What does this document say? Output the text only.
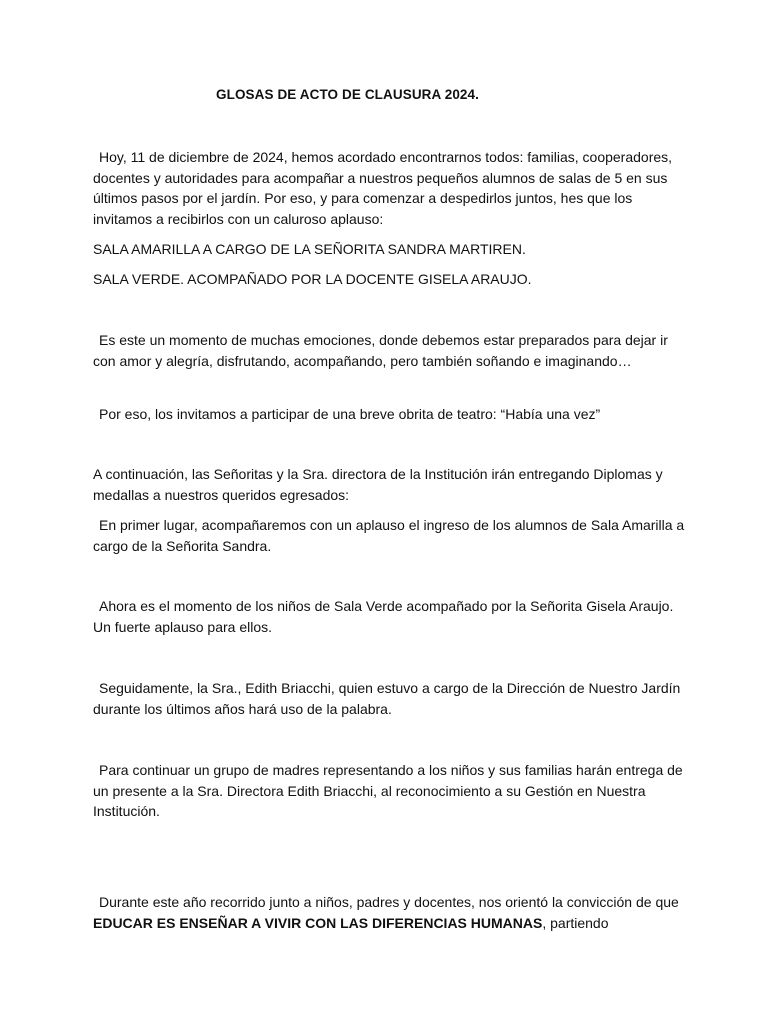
GLOSAS DE ACTO DE CLAUSURA 2024.

Hoy, 11 de diciembre de 2024, hemos acordado encontrarnos todos: familias, cooperadores, docentes y autoridades para acompañar a nuestros pequeños alumnos de salas de 5 en sus últimos pasos por el jardín. Por eso, y para comenzar a despedirlos juntos, hes que los invitamos a recibirlos con un caluroso aplauso:

SALA AMARILLA A CARGO DE LA SEÑORITA SANDRA MARTIREN.

SALA VERDE. ACOMPAÑADO POR LA DOCENTE GISELA ARAUJO.

Es este un momento de muchas emociones, donde debemos estar preparados para dejar ir con amor y alegría, disfrutando, acompañando, pero también soñando e imaginando…

Por eso, los invitamos a participar de una breve obrita de teatro: “Había una vez”

A continuación, las Señoritas y la Sra. directora de la Institución irán entregando Diplomas y medallas a nuestros queridos egresados:

En primer lugar, acompañaremos con un aplauso el ingreso de los alumnos de Sala Amarilla a cargo de la Señorita Sandra.

Ahora es el momento de los niños de Sala Verde acompañado por la Señorita Gisela Araujo. Un fuerte aplauso para ellos.

Seguidamente, la Sra., Edith Briacchi, quien estuvo a cargo de la Dirección de Nuestro Jardín durante los últimos años hará uso de la palabra.

Para continuar un grupo de madres representando a los niños y sus familias harán entrega de un presente a la Sra. Directora Edith Briacchi, al reconocimiento a su Gestión en Nuestra Institución.

Durante este año recorrido junto a niños, padres y docentes, nos orientó la convicción de que EDUCAR ES ENSEÑAR A VIVIR CON LAS DIFERENCIAS HUMANAS, partiendo
